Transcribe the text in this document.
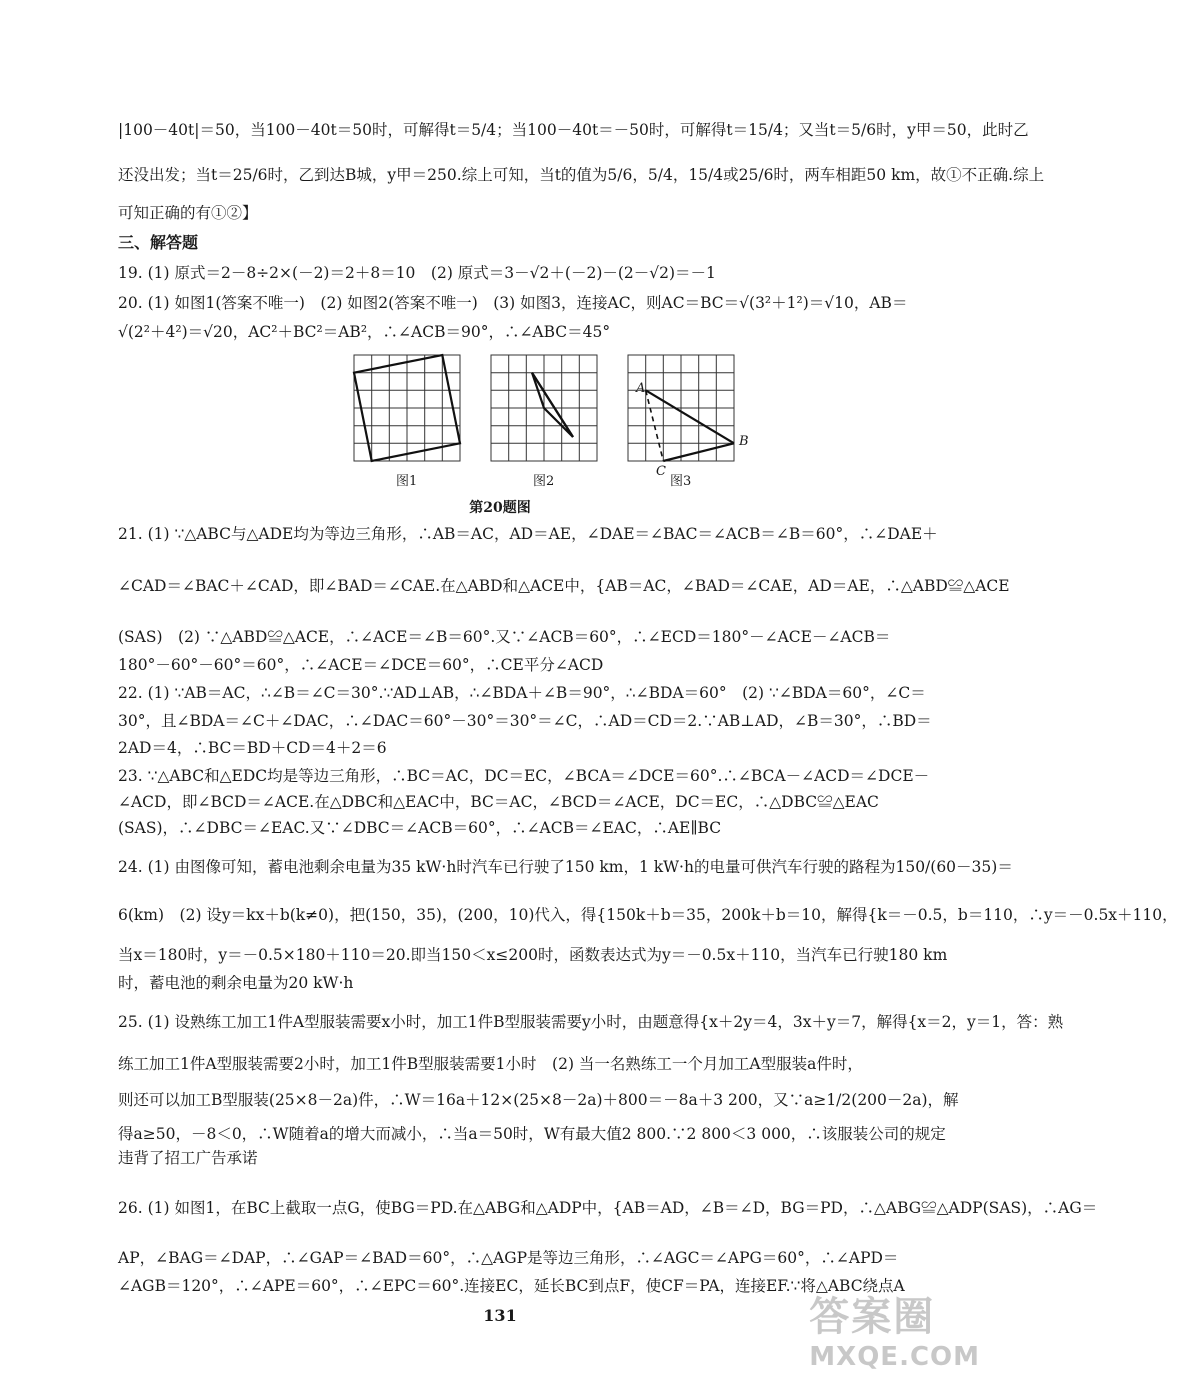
|100－40t|＝50，当100－40t＝50时，可解得t＝5/4；当100－40t＝－50时，可解得t＝15/4；又当t＝5/6时，y甲＝50，此时乙
还没出发；当t＝25/6时，乙到达B城，y甲＝250.综上可知，当t的值为5/6，5/4，15/4或25/6时，两车相距50 km，故①不正确.综上
可知正确的有①②】
三、解答题
19. (1) 原式＝2－8÷2×(－2)＝2＋8＝10　(2) 原式＝3－√2＋(－2)－(2－√2)＝－1
20. (1) 如图1(答案不唯一)　(2) 如图2(答案不唯一)　(3) 如图3，连接AC，则AC＝BC＝√(3²＋1²)＝√10，AB＝
√(2²＋4²)＝√20，AC²＋BC²＝AB²，∴∠ACB＝90°，∴∠ABC＝45°
图1	图2
A
B
C
图3
第20题图
21. (1) ∵△ABC与△ADE均为等边三角形，∴AB＝AC，AD＝AE，∠DAE＝∠BAC＝∠ACB＝∠B＝60°，∴∠DAE＋
∠CAD＝∠BAC＋∠CAD，即∠BAD＝∠CAE.在△ABD和△ACE中，{AB＝AC，∠BAD＝∠CAE，AD＝AE，∴△ABD≌△ACE
(SAS)　(2) ∵△ABD≌△ACE，∴∠ACE＝∠B＝60°.又∵∠ACB＝60°，∴∠ECD＝180°－∠ACE－∠ACB＝
180°－60°－60°＝60°，∴∠ACE＝∠DCE＝60°，∴CE平分∠ACD
22. (1) ∵AB＝AC，∴∠B＝∠C＝30°.∵AD⊥AB，∴∠BDA＋∠B＝90°，∴∠BDA＝60°　(2) ∵∠BDA＝60°，∠C＝
30°，且∠BDA＝∠C＋∠DAC，∴∠DAC＝60°－30°＝30°＝∠C，∴AD＝CD＝2.∵AB⊥AD，∠B＝30°，∴BD＝
2AD＝4，∴BC＝BD＋CD＝4＋2＝6
23. ∵△ABC和△EDC均是等边三角形，∴BC＝AC，DC＝EC，∠BCA＝∠DCE＝60°.∴∠BCA－∠ACD＝∠DCE－
∠ACD，即∠BCD＝∠ACE.在△DBC和△EAC中，BC＝AC，∠BCD＝∠ACE，DC＝EC，∴△DBC≌△EAC
(SAS)，∴∠DBC＝∠EAC.又∵∠DBC＝∠ACB＝60°，∴∠ACB＝∠EAC，∴AE∥BC
24. (1) 由图像可知，蓄电池剩余电量为35 kW·h时汽车已行驶了150 km，1 kW·h的电量可供汽车行驶的路程为150/(60－35)＝
6(km)　(2) 设y＝kx＋b(k≠0)，把(150，35)，(200，10)代入，得{150k＋b＝35，200k＋b＝10，解得{k＝－0.5，b＝110，∴y＝－0.5x＋110，
当x＝180时，y＝－0.5×180＋110＝20.即当150＜x≤200时，函数表达式为y＝－0.5x＋110，当汽车已行驶180 km
时，蓄电池的剩余电量为20 kW·h
25. (1) 设熟练工加工1件A型服装需要x小时，加工1件B型服装需要y小时，由题意得{x＋2y＝4，3x＋y＝7，解得{x＝2，y＝1，答：熟
练工加工1件A型服装需要2小时，加工1件B型服装需要1小时　(2) 当一名熟练工一个月加工A型服装a件时，
则还可以加工B型服装(25×8－2a)件，∴W＝16a＋12×(25×8－2a)＋800＝－8a＋3 200，又∵a≥1/2(200－2a)，解
得a≥50，－8＜0，∴W随着a的增大而减小，∴当a＝50时，W有最大值2 800.∵2 800＜3 000，∴该服装公司的规定
违背了招工广告承诺
26. (1) 如图1，在BC上截取一点G，使BG＝PD.在△ABG和△ADP中，{AB＝AD，∠B＝∠D，BG＝PD，∴△ABG≌△ADP(SAS)，∴AG＝
AP，∠BAG＝∠DAP，∴∠GAP＝∠BAD＝60°，∴△AGP是等边三角形，∴∠AGC＝∠APG＝60°，∴∠APD＝
∠AGB＝120°，∴∠APE＝60°，∴∠EPC＝60°.连接EC，延长BC到点F，使CF＝PA，连接EF.∵将△ABC绕点A
131	答案圈
MXQE.COM
